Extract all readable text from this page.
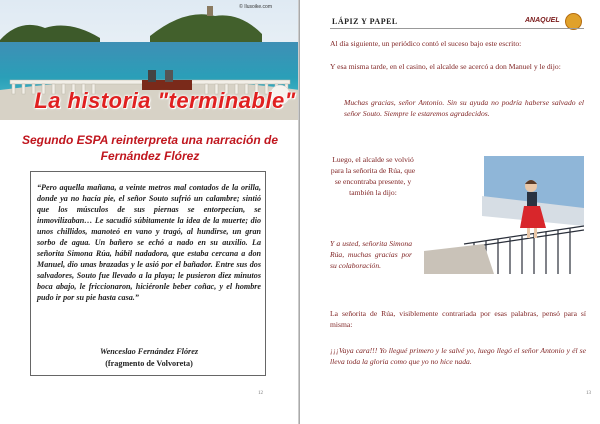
© Ilusoike.com
La historia "terminable"
Segundo ESPA reinterpreta una narración de Fernández Flórez

“Pero aquella mañana, a veinte metros mal contados de la orilla, donde ya no hacía pie, el señor Souto sufrió un calambre; sintió que los músculos de sus piernas se entorpecían, se inmovilizaban… Le sacudió súbitamente la idea de la muerte; dio unos chillidos, manoteó en vano y tragó, al hundirse, un gran sorbo de agua. Un bañero se echó a nado en su auxilio. La señorita Simona Rúa, hábil nadadora, que estaba cercana a don Manuel, dio unas brazadas y le asió por el bañador. Entre sus dos salvadores, Souto fue llevado a la playa; le pusieron diez minutos boca abajo, le friccionaron, hiciéronle beber coñac, y el hombre pudo ir por su pie hasta casa.”

Wenceslao Fernández Flórez
(fragmento de Volvoreta)
12
LÁPIZ Y PAPEL	ANAQUEL

Al día siguiente, un periódico contó el suceso bajo este escrito:

Y esa misma tarde, en el casino, el alcalde se acercó a don Manuel y le dijo:

Muchas gracias, señor Antonio. Sin su ayuda no podría haberse salvado el señor Souto. Siempre le estaremos agradecidos.

Luego, el alcalde se volvió para la señorita de Rúa, que se encontraba presente, y también la dijo:

Y a usted, señorita Simona Rúa, muchas gracias por su colaboración.

La señorita de Rúa, visiblemente contrariada por esas palabras, pensó para sí misma:

¡¡¡Vaya cara!!! Yo llegué primero y le salvé yo, luego llegó el señor Antonio y él se lleva toda la gloria como que yo no hice nada.

13
